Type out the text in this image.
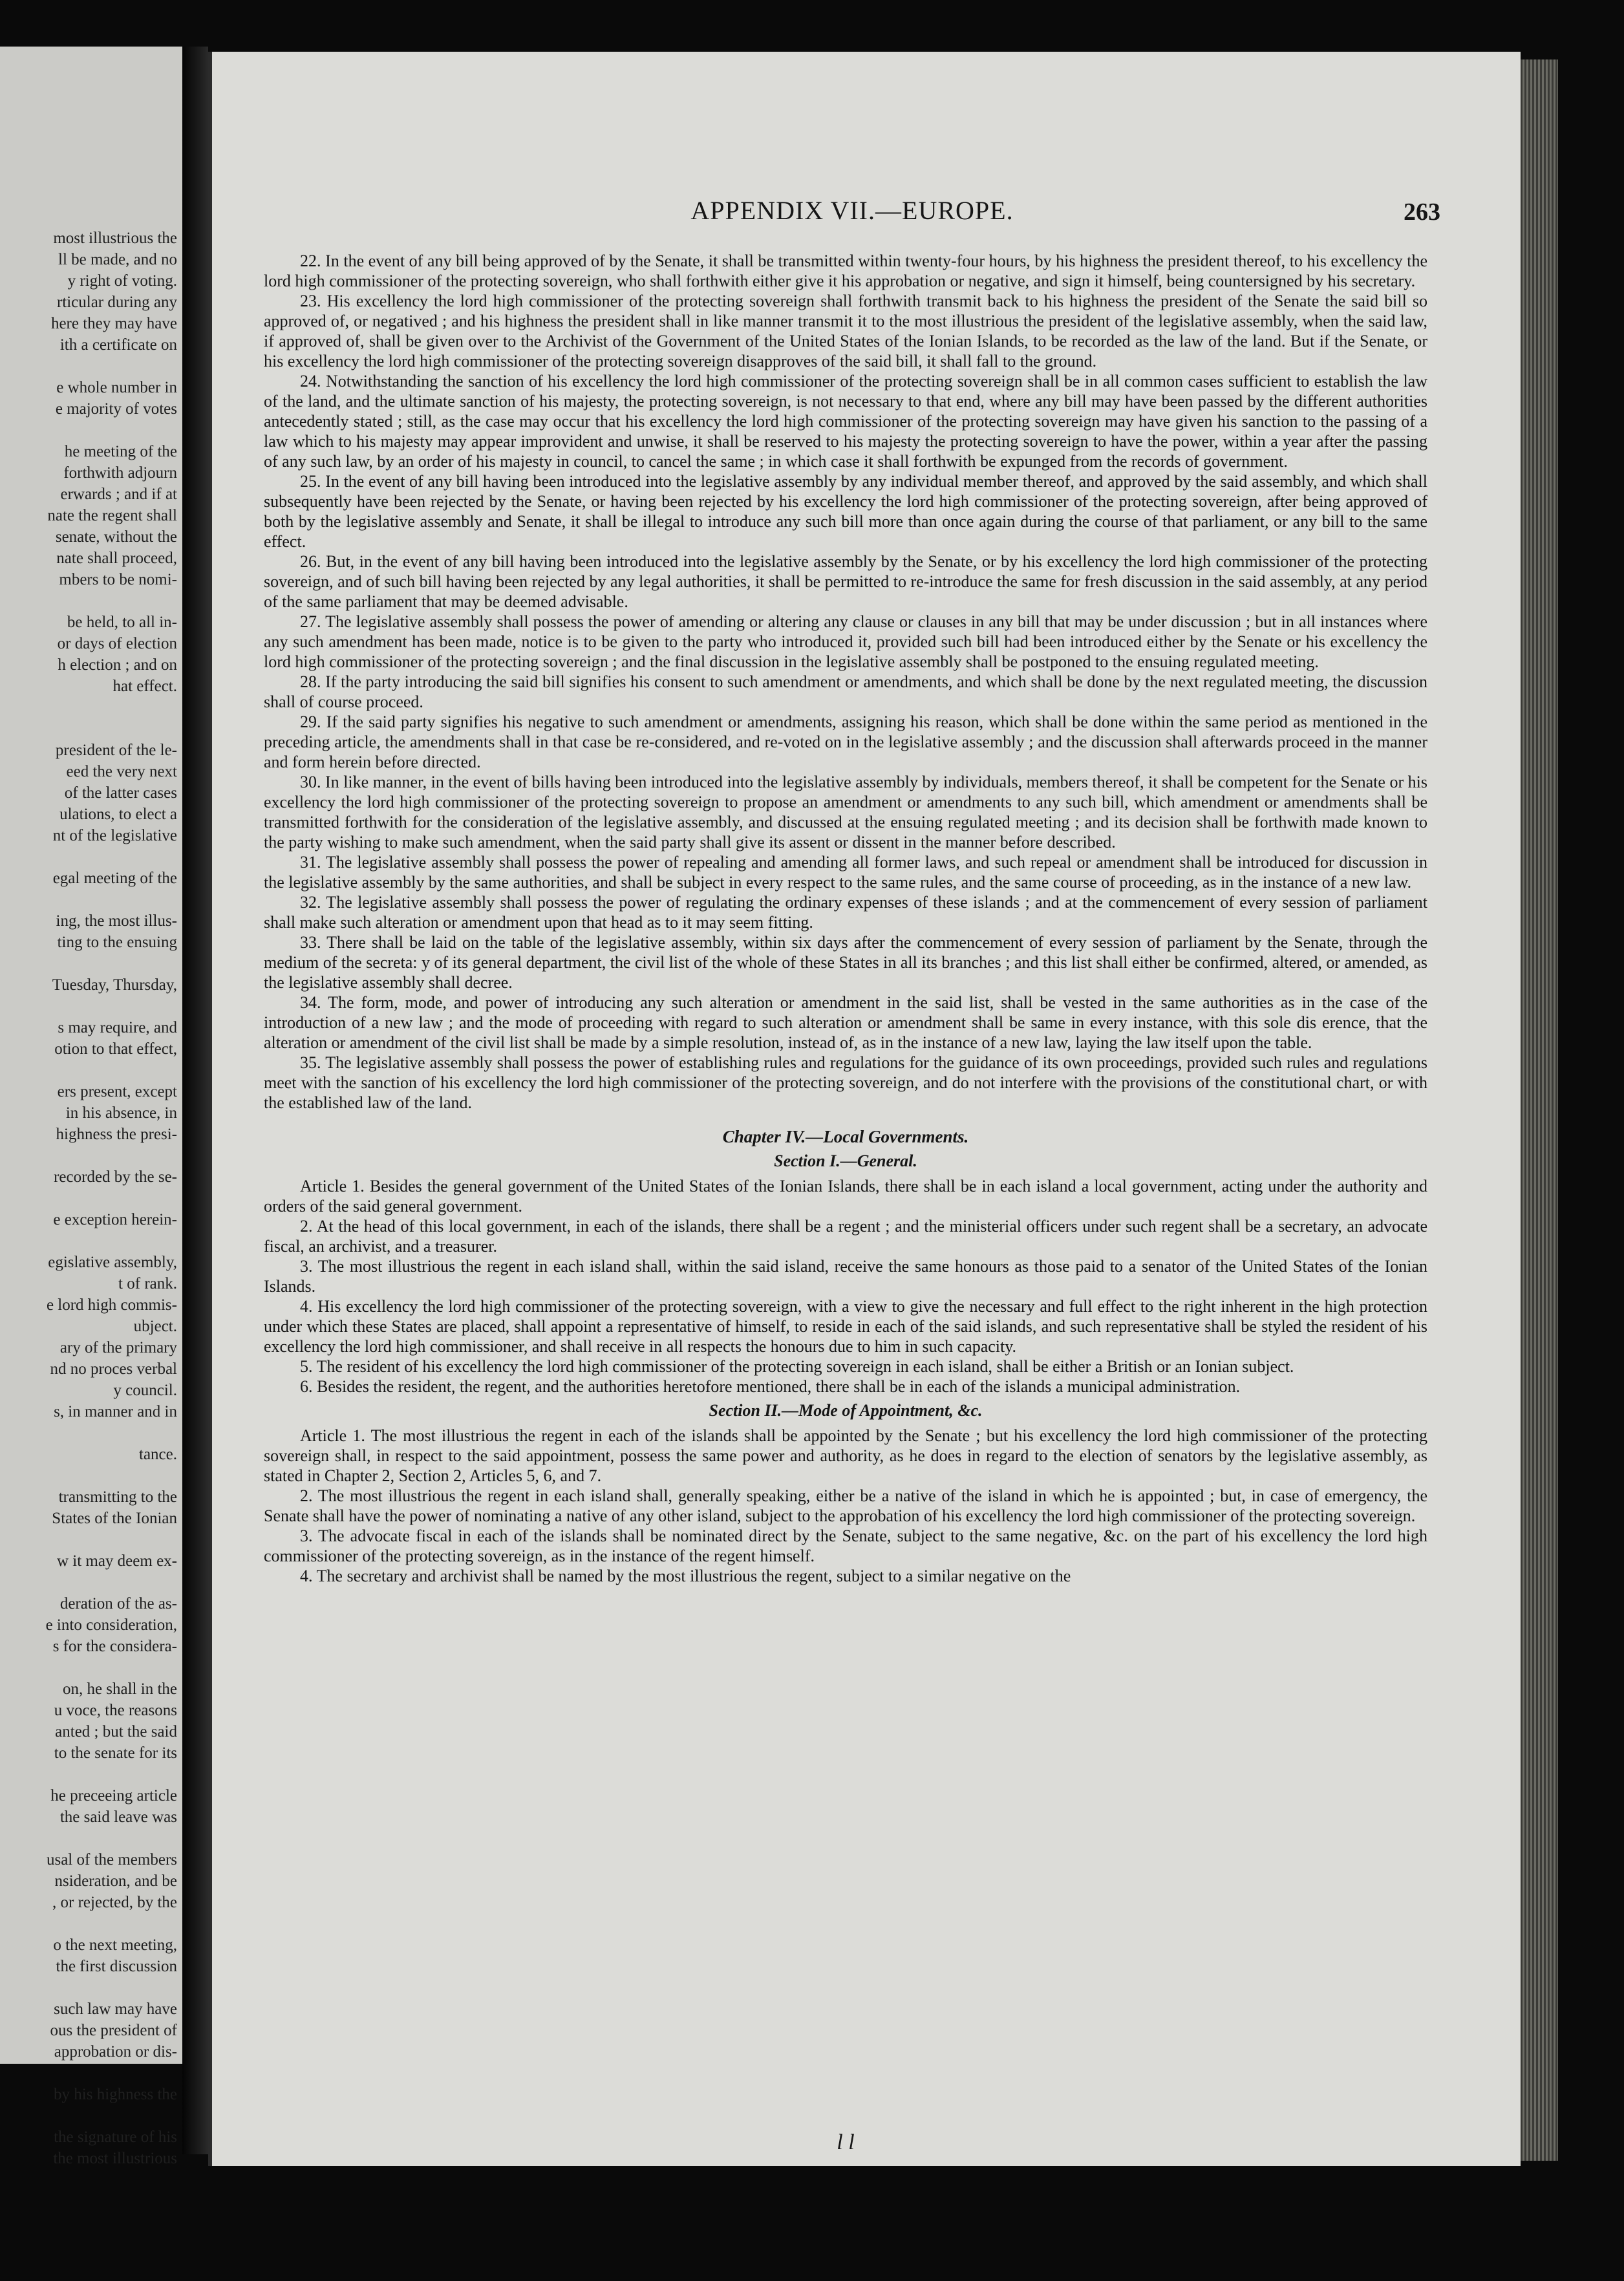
most illustrious the
ll be made, and no
y right of voting.
rticular during any
here they may have
ith a certificate on
e whole number in
e majority of votes
he meeting of the
forthwith adjourn
erwards ; and if at
nate the regent shall
senate, without the
nate shall proceed,
mbers to be nomi-
be held, to all in-
or days of election
h election ; and on
hat effect.
president of the le-
eed the very next
of the latter cases
ulations, to elect a
nt of the legislative
egal meeting of the
ing, the most illus-
ting to the ensuing
Tuesday, Thursday,
s may require, and
otion to that effect,
ers present, except
in his absence, in
highness the presi-
recorded by the se-
e exception herein-
egislative assembly,
t of rank.
e lord high commis-
ubject.
ary of the primary
nd no proces verbal
y council.
s, in manner and in
tance.
transmitting to the
States of the Ionian
w it may deem ex-
deration of the as-
e into consideration,
s for the considera-
on, he shall in the
u voce, the reasons
anted ; but the said
to the senate for its
he preceeing article
the said leave was
usal of the members
nsideration, and be
, or rejected, by the
o the next meeting,
the first discussion
such law may have
ous the president of
approbation or dis-
by his highness the
the signature of his
the most illustrious
APPENDIX VII.—EUROPE.	263

22. In the event of any bill being approved of by the Senate, it shall be transmitted within twenty-four hours, by his highness the president thereof, to his excellency the lord high commissioner of the protecting sovereign, who shall forthwith either give it his approbation or negative, and sign it himself, being countersigned by his secretary.

23. His excellency the lord high commissioner of the protecting sovereign shall forthwith transmit back to his highness the president of the Senate the said bill so approved of, or negatived ; and his highness the president shall in like manner transmit it to the most illustrious the president of the legislative assembly, when the said law, if approved of, shall be given over to the Archivist of the Government of the United States of the Ionian Islands, to be recorded as the law of the land. But if the Senate, or his excellency the lord high commissioner of the protecting sovereign disapproves of the said bill, it shall fall to the ground.

24. Notwithstanding the sanction of his excellency the lord high commissioner of the protecting sovereign shall be in all common cases sufficient to establish the law of the land, and the ultimate sanction of his majesty, the protecting sovereign, is not necessary to that end, where any bill may have been passed by the different authorities antecedently stated ; still, as the case may occur that his excellency the lord high commissioner of the protecting sovereign may have given his sanction to the passing of a law which to his majesty may appear improvident and unwise, it shall be reserved to his majesty the protecting sovereign to have the power, within a year after the passing of any such law, by an order of his majesty in council, to cancel the same ; in which case it shall forthwith be expunged from the records of government.

25. In the event of any bill having been introduced into the legislative assembly by any individual member thereof, and approved by the said assembly, and which shall subsequently have been rejected by the Senate, or having been rejected by his excellency the lord high commissioner of the protecting sovereign, after being approved of both by the legislative assembly and Senate, it shall be illegal to introduce any such bill more than once again during the course of that parliament, or any bill to the same effect.

26. But, in the event of any bill having been introduced into the legislative assembly by the Senate, or by his excellency the lord high commissioner of the protecting sovereign, and of such bill having been rejected by any legal authorities, it shall be permitted to re-introduce the same for fresh discussion in the said assembly, at any period of the same parliament that may be deemed advisable.

27. The legislative assembly shall possess the power of amending or altering any clause or clauses in any bill that may be under discussion ; but in all instances where any such amendment has been made, notice is to be given to the party who introduced it, provided such bill had been introduced either by the Senate or his excellency the lord high commissioner of the protecting sovereign ; and the final discussion in the legislative assembly shall be postponed to the ensuing regulated meeting.

28. If the party introducing the said bill signifies his consent to such amendment or amendments, and which shall be done by the next regulated meeting, the discussion shall of course proceed.

29. If the said party signifies his negative to such amendment or amendments, assigning his reason, which shall be done within the same period as mentioned in the preceding article, the amendments shall in that case be re-considered, and re-voted on in the legislative assembly ; and the discussion shall afterwards proceed in the manner and form herein before directed.

30. In like manner, in the event of bills having been introduced into the legislative assembly by individuals, members thereof, it shall be competent for the Senate or his excellency the lord high commissioner of the protecting sovereign to propose an amendment or amendments to any such bill, which amendment or amendments shall be transmitted forthwith for the consideration of the legislative assembly, and discussed at the ensuing regulated meeting ; and its decision shall be forthwith made known to the party wishing to make such amendment, when the said party shall give its assent or dissent in the manner before described.

31. The legislative assembly shall possess the power of repealing and amending all former laws, and such repeal or amendment shall be introduced for discussion in the legislative assembly by the same authorities, and shall be subject in every respect to the same rules, and the same course of proceeding, as in the instance of a new law.

32. The legislative assembly shall possess the power of regulating the ordinary expenses of these islands ; and at the commencement of every session of parliament shall make such alteration or amendment upon that head as to it may seem fitting.

33. There shall be laid on the table of the legislative assembly, within six days after the commencement of every session of parliament by the Senate, through the medium of the secreta: y of its general department, the civil list of the whole of these States in all its branches ; and this list shall either be confirmed, altered, or amended, as the legislative assembly shall decree.

34. The form, mode, and power of introducing any such alteration or amendment in the said list, shall be vested in the same authorities as in the case of the introduction of a new law ; and the mode of proceeding with regard to such alteration or amendment shall be same in every instance, with this sole dis erence, that the alteration or amendment of the civil list shall be made by a simple resolution, instead of, as in the instance of a new law, laying the law itself upon the table.

35. The legislative assembly shall possess the power of establishing rules and regulations for the guidance of its own proceedings, provided such rules and regulations meet with the sanction of his excellency the lord high commissioner of the protecting sovereign, and do not interfere with the provisions of the constitutional chart, or with the established law of the land.

Chapter IV.—Local Governments.

Section I.—General.

Article 1. Besides the general government of the United States of the Ionian Islands, there shall be in each island a local government, acting under the authority and orders of the said general government.

2. At the head of this local government, in each of the islands, there shall be a regent ; and the ministerial officers under such regent shall be a secretary, an advocate fiscal, an archivist, and a treasurer.

3. The most illustrious the regent in each island shall, within the said island, receive the same honours as those paid to a senator of the United States of the Ionian Islands.

4. His excellency the lord high commissioner of the protecting sovereign, with a view to give the necessary and full effect to the right inherent in the high protection under which these States are placed, shall appoint a representative of himself, to reside in each of the said islands, and such representative shall be styled the resident of his excellency the lord high commissioner, and shall receive in all respects the honours due to him in such capacity.

5. The resident of his excellency the lord high commissioner of the protecting sovereign in each island, shall be either a British or an Ionian subject.

6. Besides the resident, the regent, and the authorities heretofore mentioned, there shall be in each of the islands a municipal administration.

Section II.—Mode of Appointment, &c.

Article 1. The most illustrious the regent in each of the islands shall be appointed by the Senate ; but his excellency the lord high commissioner of the protecting sovereign shall, in respect to the said appointment, possess the same power and authority, as he does in regard to the election of senators by the legislative assembly, as stated in Chapter 2, Section 2, Articles 5, 6, and 7.

2. The most illustrious the regent in each island shall, generally speaking, either be a native of the island in which he is appointed ; but, in case of emergency, the Senate shall have the power of nominating a native of any other island, subject to the approbation of his excellency the lord high commissioner of the protecting sovereign.

3. The advocate fiscal in each of the islands shall be nominated direct by the Senate, subject to the same negative, &c. on the part of his excellency the lord high commissioner of the protecting sovereign, as in the instance of the regent himself.

4. The secretary and archivist shall be named by the most illustrious the regent, subject to a similar negative on the

l l
